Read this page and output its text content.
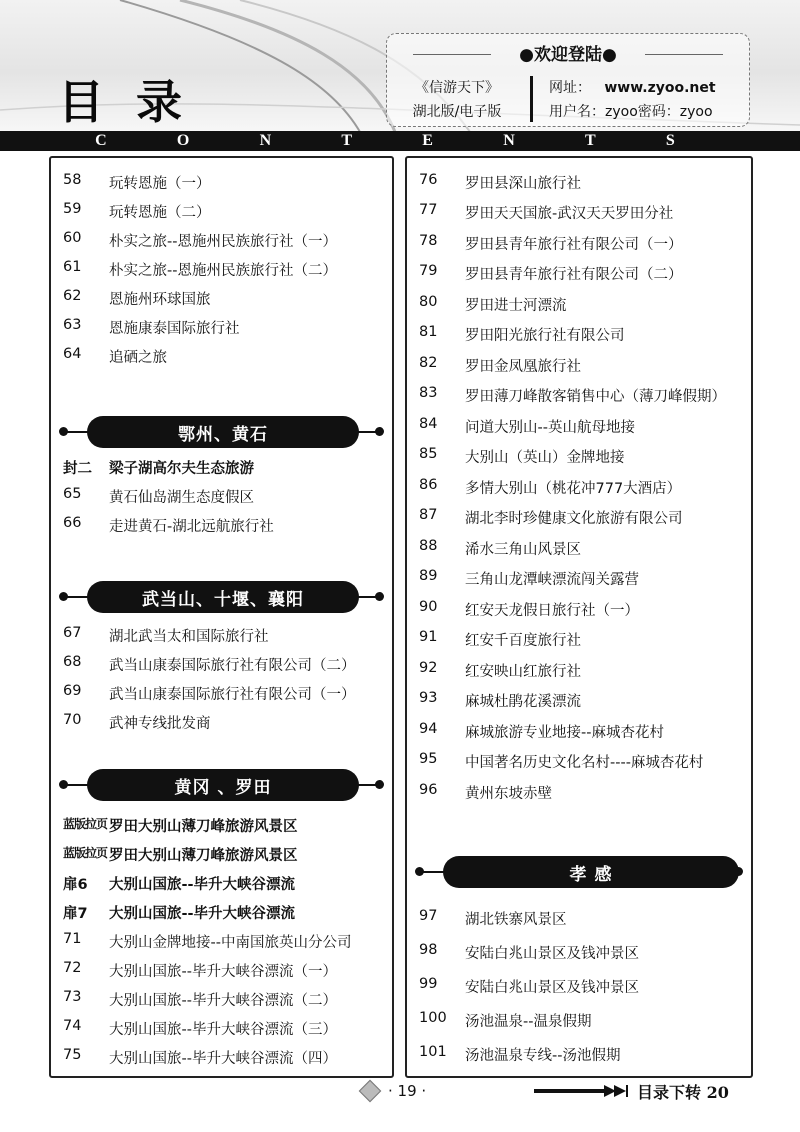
目 录
C	O	N	T	E	N	T	S
●欢迎登陆●
《信游天下》
湖北版/电子版
网址： www.zyoo.net
用户名：zyoo密码：zyoo
58	玩转恩施（一）
59	玩转恩施（二）
60	朴实之旅--恩施州民族旅行社（一）
61	朴实之旅--恩施州民族旅行社（二）
62	恩施州环球国旅
63	恩施康泰国际旅行社
64	追硒之旅
鄂州、黄石
封二	梁子湖高尔夫生态旅游
65	黄石仙岛湖生态度假区
66	走进黄石-湖北远航旅行社
武当山、十堰、襄阳
67	湖北武当太和国际旅行社
68	武当山康泰国际旅行社有限公司（二）
69	武当山康泰国际旅行社有限公司（一）
70	武神专线批发商
黄冈 、罗田
蓝版拉页 罗田大别山薄刀峰旅游风景区
蓝版拉页 罗田大别山薄刀峰旅游风景区
扉6	大别山国旅--毕升大峡谷漂流
扉7	大别山国旅--毕升大峡谷漂流
71	大别山金牌地接--中南国旅英山分公司
72	大别山国旅--毕升大峡谷漂流（一）
73	大别山国旅--毕升大峡谷漂流（二）
74	大别山国旅--毕升大峡谷漂流（三）
75	大别山国旅--毕升大峡谷漂流（四）
76	罗田县深山旅行社
77	罗田天天国旅-武汉天天罗田分社
78	罗田县青年旅行社有限公司（一）
79	罗田县青年旅行社有限公司（二）
80	罗田进士河漂流
81	罗田阳光旅行社有限公司
82	罗田金凤凰旅行社
83	罗田薄刀峰散客销售中心（薄刀峰假期）
84	问道大别山--英山航母地接
85	大别山（英山）金牌地接
86	多情大别山（桃花冲777大酒店）
87	湖北李时珍健康文化旅游有限公司
88	浠水三角山风景区
89	三角山龙潭峡漂流闯关露营
90	红安天龙假日旅行社（一）
91	红安千百度旅行社
92	红安映山红旅行社
93	麻城杜鹃花溪漂流
94	麻城旅游专业地接--麻城杏花村
95	中国著名历史文化名村----麻城杏花村
96	黄州东坡赤壁
孝 感
97	湖北铁寨风景区
98	安陆白兆山景区及钱冲景区
99	安陆白兆山景区及钱冲景区
100	汤池温泉--温泉假期
101	汤池温泉专线--汤池假期
· 19 ·	目录下转 20
